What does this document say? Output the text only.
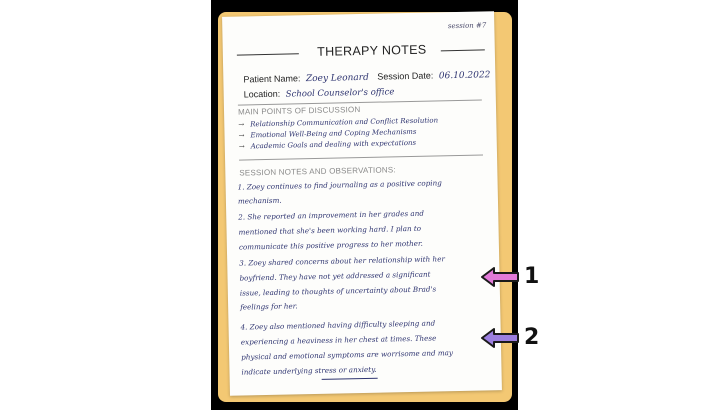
session #7
THERAPY NOTES
Patient Name: Zoey Leonard Session Date: 06.10.2022
Location: School Counselor's office
MAIN POINTS OF DISCUSSION
→ Relationship Communication and Conflict Resolution
→ Emotional Well-Being and Coping Mechanisms
→ Academic Goals and dealing with expectations
SESSION NOTES AND OBSERVATIONS:
1. Zoey continues to find journaling as a positive coping
mechanism.
2. She reported an improvement in her grades and
mentioned that she's been working hard. I plan to
communicate this positive progress to her mother.
3. Zoey shared concerns about her relationship with her
boyfriend. They have not yet addressed a significant
issue, leading to thoughts of uncertainty about Brad's
feelings for her.
4. Zoey also mentioned having difficulty sleeping and
experiencing a heaviness in her chest at times. These
physical and emotional symptoms are worrisome and may
indicate underlying stress or anxiety.
1
2
